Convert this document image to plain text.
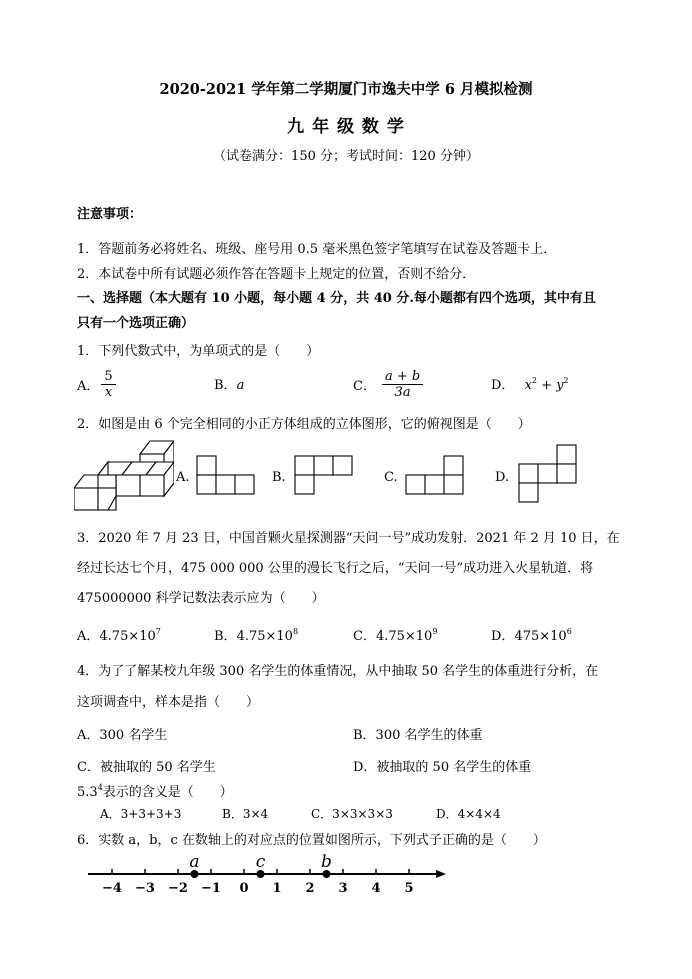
2020-2021 学年第二学期厦门市逸夫中学 6 月模拟检测
九 年 级 数 学
（试卷满分：150 分；考试时间：120 分钟）
注意事项：
1．答题前务必将姓名、班级、座号用 0.5 毫米黑色签字笔填写在试卷及答题卡上．
2．本试卷中所有试题必须作答在答题卡上规定的位置，否则不给分．
一、选择题（本大题有 10 小题，每小题 4 分，共 40 分.每小题都有四个选项，其中有且
只有一个选项正确）
1．下列代数式中，为单项式的是（　　）
A． $\frac{5}{x}$	B．a	C． $\frac{a + b}{3a}$	D． $x^2 + y^2$
2．如图是由 6 个完全相同的小正方体组成的立体图形，它的俯视图是（　　）
A.	B.	C.	D.
3．2020 年 7 月 23 日，中国首颗火星探测器“天问一号”成功发射．2021 年 2 月 10 日，在
经过长达七个月，475 000 000 公里的漫长飞行之后，“天问一号”成功进入火星轨道．将
475000000 科学记数法表示应为（　　）
A．$4.75\times 10^7$	B．$4.75\times 10^8$	C．$4.75\times 10^9$	D．$475\times 10^6$
4．为了了解某校九年级 300 名学生的体重情况，从中抽取 50 名学生的体重进行分析，在
这项调查中，样本是指（　　）
A．300 名学生	B．300 名学生的体重
C．被抽取的 50 名学生	D．被抽取的 50 名学生的体重
$5.3^4$表示的含义是（　　）
A．3+3+3+3	B．3×4	C．3×3×3×3	D．4×4×4
6．实数 a，b，c 在数轴上的对应点的位置如图所示，下列式子正确的是（　　）
−4 −3 −2 −1 0 1 2 3 4 5
a	c	b
